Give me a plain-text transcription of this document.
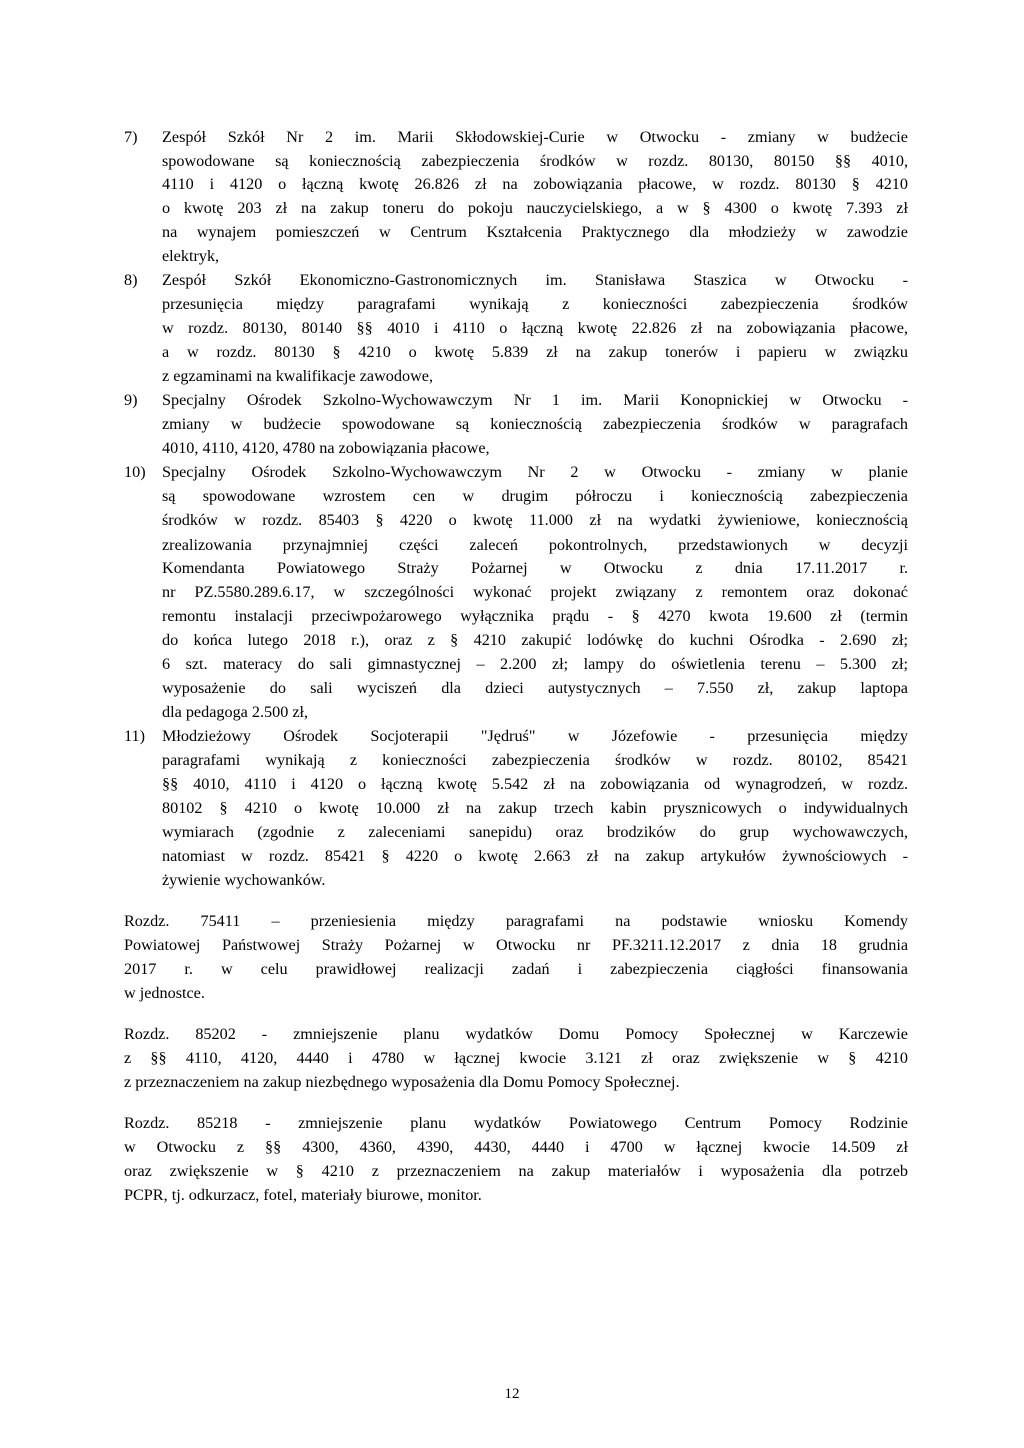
7) Zespół Szkół Nr 2 im. Marii Skłodowskiej-Curie w Otwocku - zmiany w budżecie
spowodowane są koniecznością zabezpieczenia środków w rozdz. 80130, 80150 §§ 4010,
4110 i 4120 o łączną kwotę 26.826 zł na zobowiązania płacowe, w rozdz. 80130 § 4210
o kwotę 203 zł na zakup toneru do pokoju nauczycielskiego, a w § 4300 o kwotę 7.393 zł
na wynajem pomieszczeń w Centrum Kształcenia Praktycznego dla młodzieży w zawodzie
elektryk,
8) Zespół Szkół Ekonomiczno-Gastronomicznych im. Stanisława Staszica w Otwocku -
przesunięcia między paragrafami wynikają z konieczności zabezpieczenia środków
w rozdz. 80130, 80140 §§ 4010 i 4110 o łączną kwotę 22.826 zł na zobowiązania płacowe,
a w rozdz. 80130 § 4210 o kwotę 5.839 zł na zakup tonerów i papieru w związku
z egzaminami na kwalifikacje zawodowe,
9) Specjalny Ośrodek Szkolno-Wychowawczym Nr 1 im. Marii Konopnickiej w Otwocku -
zmiany w budżecie spowodowane są koniecznością zabezpieczenia środków w paragrafach
4010, 4110, 4120, 4780 na zobowiązania płacowe,
10) Specjalny Ośrodek Szkolno-Wychowawczym Nr 2 w Otwocku - zmiany w planie
są spowodowane wzrostem cen w drugim półroczu i koniecznością zabezpieczenia
środków w rozdz. 85403 § 4220 o kwotę 11.000 zł na wydatki żywieniowe, koniecznością
zrealizowania przynajmniej części zaleceń pokontrolnych, przedstawionych w decyzji
Komendanta Powiatowego Straży Pożarnej w Otwocku z dnia 17.11.2017 r.
nr PZ.5580.289.6.17, w szczególności wykonać projekt związany z remontem oraz dokonać
remontu instalacji przeciwpożarowego wyłącznika prądu - § 4270 kwota 19.600 zł (termin
do końca lutego 2018 r.), oraz z § 4210 zakupić lodówkę do kuchni Ośrodka - 2.690 zł;
6 szt. materacy do sali gimnastycznej – 2.200 zł; lampy do oświetlenia terenu – 5.300 zł;
wyposażenie do sali wyciszeń dla dzieci autystycznych – 7.550 zł, zakup laptopa
dla pedagoga 2.500 zł,
11) Młodzieżowy Ośrodek Socjoterapii "Jędruś" w Józefowie - przesunięcia między
paragrafami wynikają z konieczności zabezpieczenia środków w rozdz. 80102, 85421
§§ 4010, 4110 i 4120 o łączną kwotę 5.542 zł na zobowiązania od wynagrodzeń, w rozdz.
80102 § 4210 o kwotę 10.000 zł na zakup trzech kabin prysznicowych o indywidualnych
wymiarach (zgodnie z zaleceniami sanepidu) oraz brodzików do grup wychowawczych,
natomiast w rozdz. 85421 § 4220 o kwotę 2.663 zł na zakup artykułów żywnościowych -
żywienie wychowanków.
Rozdz. 75411 – przeniesienia między paragrafami na podstawie wniosku Komendy
Powiatowej Państwowej Straży Pożarnej w Otwocku nr PF.3211.12.2017 z dnia 18 grudnia
2017 r. w celu prawidłowej realizacji zadań i zabezpieczenia ciągłości finansowania
w jednostce.
Rozdz. 85202 - zmniejszenie planu wydatków Domu Pomocy Społecznej w Karczewie
z §§ 4110, 4120, 4440 i 4780 w łącznej kwocie 3.121 zł oraz zwiększenie w § 4210
z przeznaczeniem na zakup niezbędnego wyposażenia dla Domu Pomocy Społecznej.
Rozdz. 85218 - zmniejszenie planu wydatków Powiatowego Centrum Pomocy Rodzinie
w Otwocku z §§ 4300, 4360, 4390, 4430, 4440 i 4700 w łącznej kwocie 14.509 zł
oraz zwiększenie w § 4210 z przeznaczeniem na zakup materiałów i wyposażenia dla potrzeb
PCPR, tj. odkurzacz, fotel, materiały biurowe, monitor.
12
